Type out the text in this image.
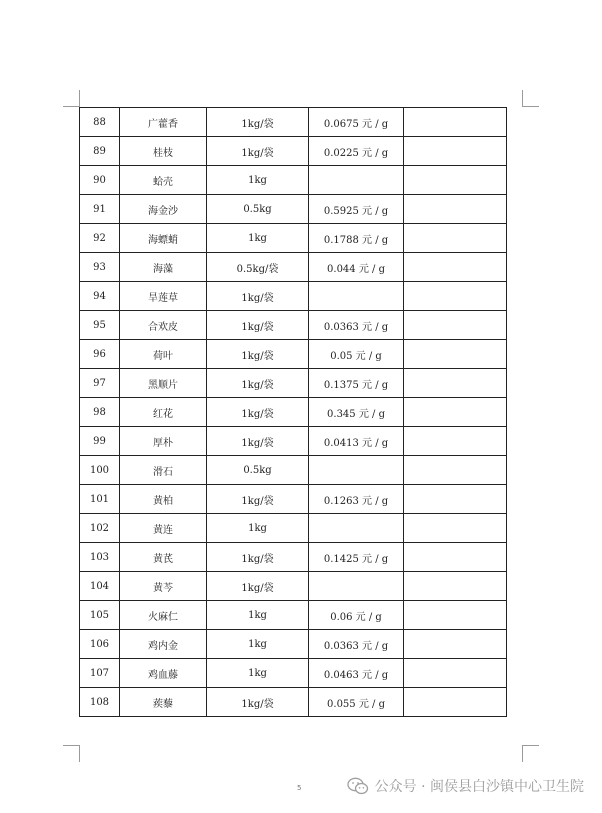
88	广藿香	1kg/袋	0.0675 元 / g	
89	桂枝	1kg/袋	0.0225 元 / g	
90	蛤壳	1kg		
91	海金沙	0.5kg	0.5925 元 / g	
92	海螵蛸	1kg	0.1788 元 / g	
93	海藻	0.5kg/袋	0.044 元 / g	
94	旱莲草	1kg/袋		
95	合欢皮	1kg/袋	0.0363 元 / g	
96	荷叶	1kg/袋	0.05 元 / g	
97	黑顺片	1kg/袋	0.1375 元 / g	
98	红花	1kg/袋	0.345 元 / g	
99	厚朴	1kg/袋	0.0413 元 / g	
100	滑石	0.5kg		
101	黄柏	1kg/袋	0.1263 元 / g	
102	黄连	1kg		
103	黄芪	1kg/袋	0.1425 元 / g	
104	黄芩	1kg/袋		
105	火麻仁	1kg	0.06 元 / g	
106	鸡内金	1kg	0.0363 元 / g	
107	鸡血藤	1kg	0.0463 元 / g	
108	蒺藜	1kg/袋	0.055 元 / g	
5	公众号 · 闽侯县白沙镇中心卫生院
